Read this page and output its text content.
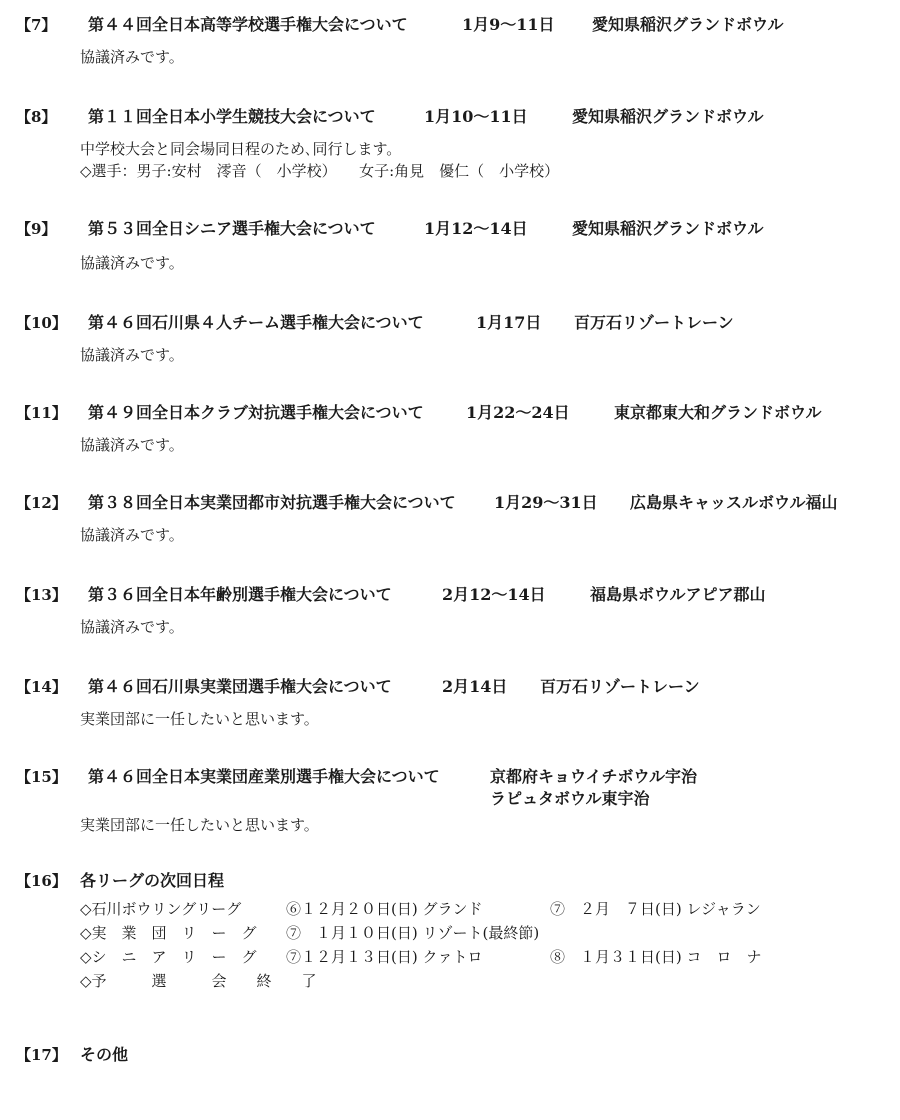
【7】 第４４回全日本高等学校選手権大会について	1月9～11日 愛知県稲沢グランドボウル
協議済みです。
【8】 第１１回全日本小学生競技大会について	1月10～11日	愛知県稲沢グランドボウル
中学校大会と同会場同日程のため､同行します。
◇選手：男子:安村　澪音（　小学校）　　女子:角見　優仁（　小学校）
【9】 第５３回全日シニア選手権大会について	1月12～14日	愛知県稲沢グランドボウル
協議済みです。
【10】 第４６回石川県４人チーム選手権大会について	1月17日 百万石リゾートレーン
協議済みです。
【11】 第４９回全日本クラブ対抗選手権大会について	1月22～24日	東京都東大和グランドボウル
協議済みです。
【12】 第３８回全日本実業団都市対抗選手権大会について 1月29～31日 広島県キャッスルボウル福山
協議済みです。
【13】 第３６回全日本年齢別選手権大会について	2月12～14日	福島県ボウルアピア郡山
協議済みです。
【14】 第４６回石川県実業団選手権大会について	2月14日 百万石リゾートレーン
実業団部に一任したいと思います。
【15】 第４６回全日本実業団産業別選手権大会について	京都府キョウイチボウル宇治
ラピュタボウル東宇治
実業団部に一任したいと思います。
【16】 各リーグの次回日程
◇石川ボウリングリーグ	⑥１２月２０日(日) グランド	⑦　２月　７日(日) レジャラン
◇実　業　団　リ　ー　グ ⑦　１月１０日(日) リゾート(最終節)
◇シ　ニ　ア　リ　ー　グ ⑦１２月１３日(日) クァトロ	⑧　１月３１日(日) コ　ロ　ナ
◇予　　　選　　　会　　終　　了
【17】 その他
